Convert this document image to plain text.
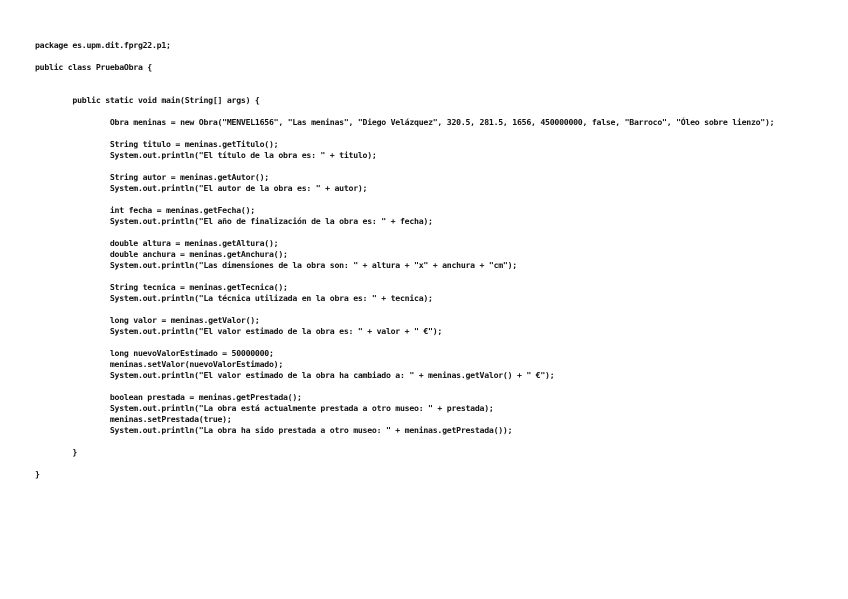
package es.upm.dit.fprg22.p1;
public class PruebaObra {
public static void main(String[] args) {
Obra meninas = new Obra("MENVEL1656", "Las meninas", "Diego Velázquez", 320.5, 281.5, 1656, 450000000, false, "Barroco", "Óleo sobre lienzo");
String titulo = meninas.getTitulo();
System.out.println("El título de la obra es: " + titulo);
String autor = meninas.getAutor();
System.out.println("El autor de la obra es: " + autor);
int fecha = meninas.getFecha();
System.out.println("El año de finalización de la obra es: " + fecha);
double altura = meninas.getAltura();
double anchura = meninas.getAnchura();
System.out.println("Las dimensiones de la obra son: " + altura + "x" + anchura + "cm");
String tecnica = meninas.getTecnica();
System.out.println("La técnica utilizada en la obra es: " + tecnica);
long valor = meninas.getValor();
System.out.println("El valor estimado de la obra es: " + valor + " €");
long nuevoValorEstimado = 50000000;
meninas.setValor(nuevoValorEstimado);
System.out.println("El valor estimado de la obra ha cambiado a: " + meninas.getValor() + " €");
boolean prestada = meninas.getPrestada();
System.out.println("La obra está actualmente prestada a otro museo: " + prestada);
meninas.setPrestada(true);
System.out.println("La obra ha sido prestada a otro museo: " + meninas.getPrestada());
}
}
